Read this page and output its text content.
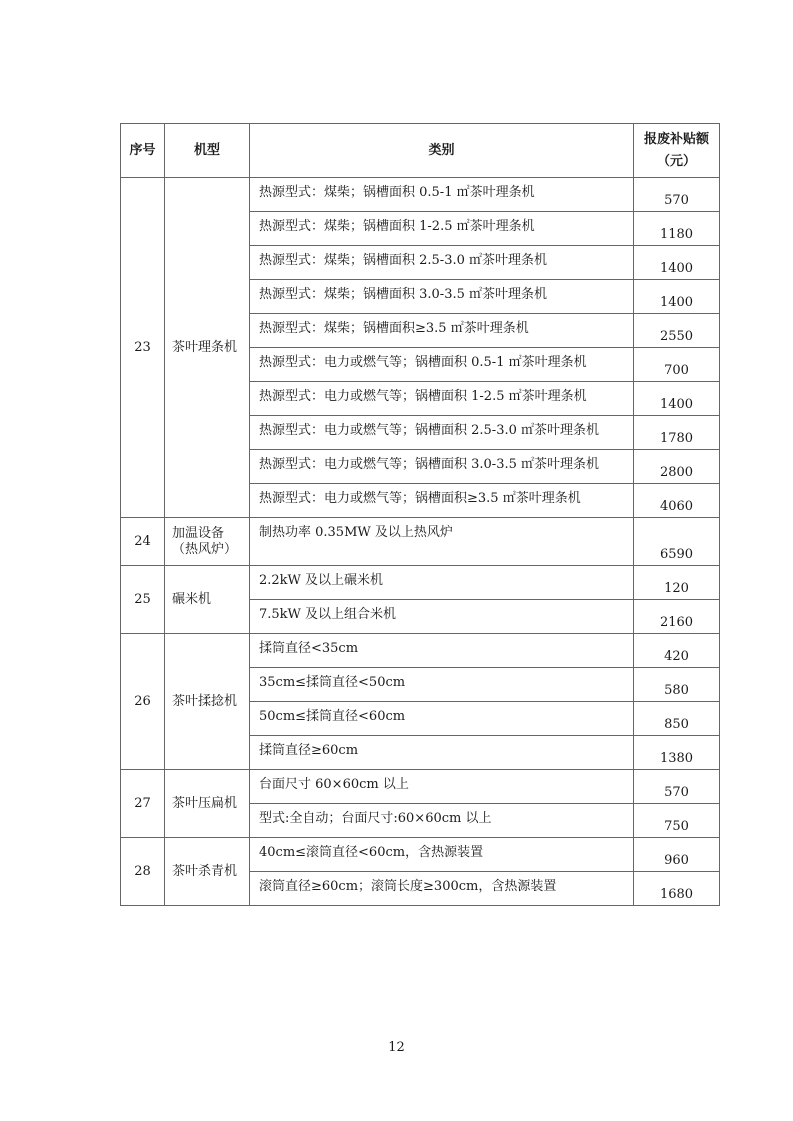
序号	机型	类别	报废补贴额
（元）

23	茶叶理条机	热源型式：煤柴；锅槽面积 0.5-1 ㎡茶叶理条机	570
		热源型式：煤柴；锅槽面积 1-2.5 ㎡茶叶理条机	1180
		热源型式：煤柴；锅槽面积 2.5-3.0 ㎡茶叶理条机	1400
		热源型式：煤柴；锅槽面积 3.0-3.5 ㎡茶叶理条机	1400
		热源型式：煤柴；锅槽面积≥3.5 ㎡茶叶理条机	2550
		热源型式：电力或燃气等；锅槽面积 0.5-1 ㎡茶叶理条机	700
		热源型式：电力或燃气等；锅槽面积 1-2.5 ㎡茶叶理条机	1400
		热源型式：电力或燃气等；锅槽面积 2.5-3.0 ㎡茶叶理条机	1780
		热源型式：电力或燃气等；锅槽面积 3.0-3.5 ㎡茶叶理条机	2800
		热源型式：电力或燃气等；锅槽面积≥3.5 ㎡茶叶理条机	4060
24	加温设备（热风炉）	制热功率 0.35MW 及以上热风炉	6590
25	碾米机	2.2kW 及以上碾米机	120
		7.5kW 及以上组合米机	2160
26	茶叶揉捻机	揉筒直径<35cm	420
		35cm≤揉筒直径<50cm	580
		50cm≤揉筒直径<60cm	850
		揉筒直径≥60cm	1380
27	茶叶压扁机	台面尺寸 60×60cm 以上	570
		型式:全自动；台面尺寸:60×60cm 以上	750
28	茶叶杀青机	40cm≤滚筒直径<60cm，含热源装置	960
		滚筒直径≥60cm；滚筒长度≥300cm，含热源装置	1680
12
